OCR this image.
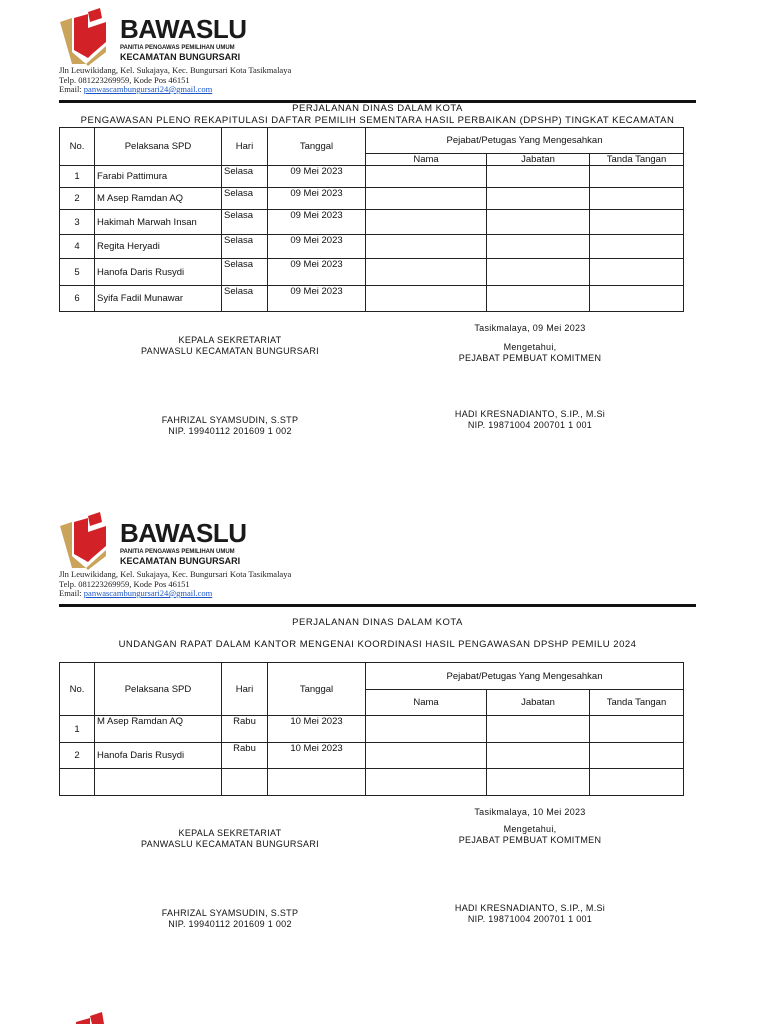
BAWASLU
PANITIA PENGAWAS PEMILIHAN UMUM
KECAMATAN BUNGURSARI
Jln Leuwikidang, Kel. Sukajaya, Kec. Bungursari Kota Tasikmalaya
Telp. 081223269959, Kode Pos 46151
Email: panwascambungursari24@gmail.com
PERJALANAN DINAS DALAM KOTA
PENGAWASAN PLENO REKAPITULASI DAFTAR PEMILIH SEMENTARA HASIL PERBAIKAN (DPSHP) TINGKAT KECAMATAN
No.	Pelaksana SPD	Hari	Tanggal	Pejabat/Petugas Yang Mengesahkan		
				Nama	Jabatan	Tanda Tangan
1	Farabi Pattimura	Selasa	09 Mei 2023			
2	M Asep Ramdan AQ	Selasa	09 Mei 2023			
3	Hakimah Marwah Insan	Selasa	09 Mei 2023			
4	Regita Heryadi	Selasa	09 Mei 2023			
5	Hanofa Daris Rusydi	Selasa	09 Mei 2023			
6	Syifa Fadil Munawar	Selasa	09 Mei 2023			
Tasikmalaya, 09 Mei 2023
KEPALA SEKRETARIAT
PANWASLU KECAMATAN BUNGURSARI	Mengetahui,
PEJABAT PEMBUAT KOMITMEN
FAHRIZAL SYAMSUDIN, S.STP
NIP. 19940112 201609 1 002
HADI KRESNADIANTO, S.IP., M.Si
NIP. 19871004 200701 1 001
BAWASLU
PANITIA PENGAWAS PEMILIHAN UMUM
KECAMATAN BUNGURSARI
Jln Leuwikidang, Kel. Sukajaya, Kec. Bungursari Kota Tasikmalaya
Telp. 081223269959, Kode Pos 46151
Email: panwascambungursari24@gmail.com
PERJALANAN DINAS DALAM KOTA
UNDANGAN RAPAT DALAM KANTOR MENGENAI KOORDINASI HASIL PENGAWASAN DPSHP PEMILU 2024
No.	Pelaksana SPD	Hari	Tanggal	Pejabat/Petugas Yang Mengesahkan		
				Nama	Jabatan	Tanda Tangan
1	M Asep Ramdan AQ	Rabu	10 Mei 2023			
2	Hanofa Daris Rusydi	Rabu	10 Mei 2023			

Tasikmalaya, 10 Mei 2023
KEPALA SEKRETARIAT
PANWASLU KECAMATAN BUNGURSARI
Mengetahui,
PEJABAT PEMBUAT KOMITMEN
FAHRIZAL SYAMSUDIN, S.STP
NIP. 19940112 201609 1 002
HADI KRESNADIANTO, S.IP., M.Si
NIP. 19871004 200701 1 001
